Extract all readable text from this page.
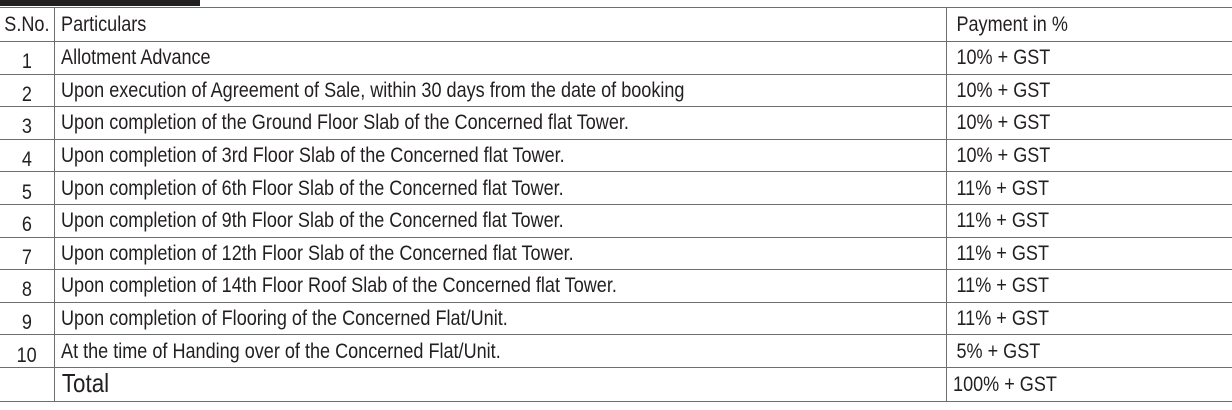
S.No.	Particulars	Payment in %
1	Allotment Advance	10% + GST
2	Upon execution of Agreement of Sale, within 30 days from the date of booking	10% + GST
3	Upon completion of the Ground Floor Slab of the Concerned flat Tower.	10% + GST
4	Upon completion of 3rd Floor Slab of the Concerned flat Tower.	10% + GST
5	Upon completion of 6th Floor Slab of the Concerned flat Tower.	11% + GST
6	Upon completion of 9th Floor Slab of the Concerned flat Tower.	11% + GST
7	Upon completion of 12th Floor Slab of the Concerned flat Tower.	11% + GST
8	Upon completion of 14th Floor Roof Slab of the Concerned flat Tower.	11% + GST
9	Upon completion of Flooring of the Concerned Flat/Unit.	11% + GST
10	At the time of Handing over of the Concerned Flat/Unit.	5% + GST
	Total	100% + GST
